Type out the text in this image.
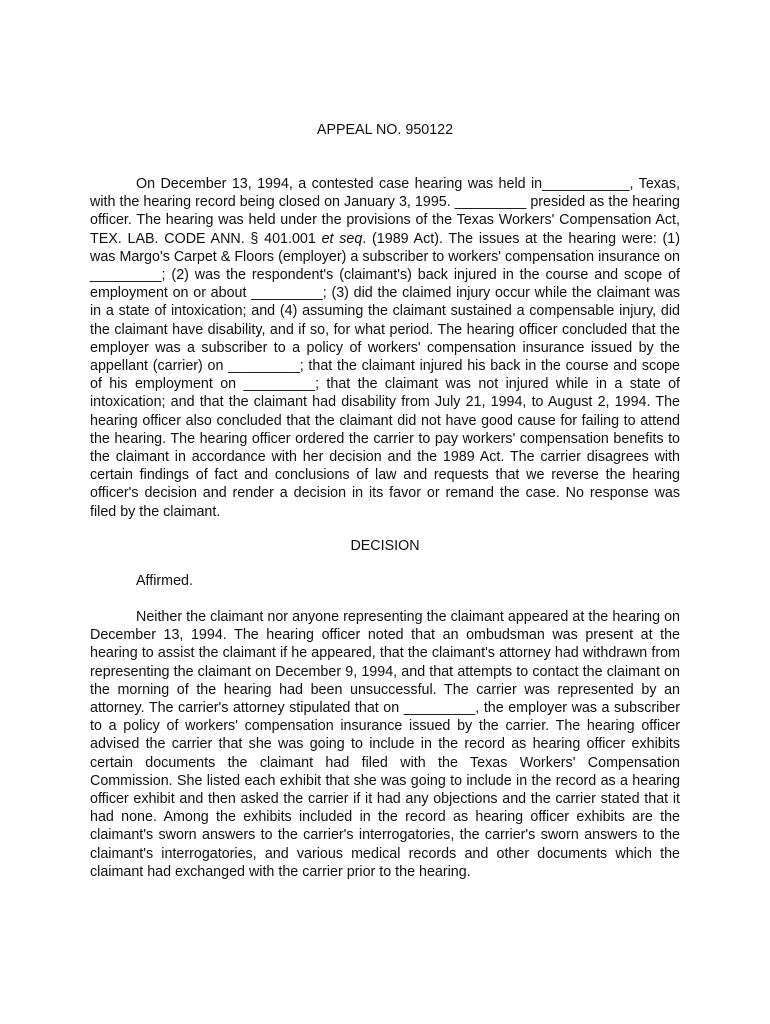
APPEAL NO. 950122

On December 13, 1994, a contested case hearing was held in___________, Texas, with the hearing record being closed on January 3, 1995. _________ presided as the hearing officer. The hearing was held under the provisions of the Texas Workers' Compensation Act, TEX. LAB. CODE ANN. § 401.001 et seq. (1989 Act). The issues at the hearing were: (1) was Margo's Carpet & Floors (employer) a subscriber to workers' compensation insurance on _________; (2) was the respondent's (claimant's) back injured in the course and scope of employment on or about _________; (3) did the claimed injury occur while the claimant was in a state of intoxication; and (4) assuming the claimant sustained a compensable injury, did the claimant have disability, and if so, for what period. The hearing officer concluded that the employer was a subscriber to a policy of workers' compensation insurance issued by the appellant (carrier) on _________; that the claimant injured his back in the course and scope of his employment on _________; that the claimant was not injured while in a state of intoxication; and that the claimant had disability from July 21, 1994, to August 2, 1994. The hearing officer also concluded that the claimant did not have good cause for failing to attend the hearing. The hearing officer ordered the carrier to pay workers' compensation benefits to the claimant in accordance with her decision and the 1989 Act. The carrier disagrees with certain findings of fact and conclusions of law and requests that we reverse the hearing officer's decision and render a decision in its favor or remand the case. No response was filed by the claimant.

DECISION

Affirmed.

Neither the claimant nor anyone representing the claimant appeared at the hearing on December 13, 1994. The hearing officer noted that an ombudsman was present at the hearing to assist the claimant if he appeared, that the claimant's attorney had withdrawn from representing the claimant on December 9, 1994, and that attempts to contact the claimant on the morning of the hearing had been unsuccessful. The carrier was represented by an attorney. The carrier's attorney stipulated that on _________, the employer was a subscriber to a policy of workers' compensation insurance issued by the carrier. The hearing officer advised the carrier that she was going to include in the record as hearing officer exhibits certain documents the claimant had filed with the Texas Workers' Compensation Commission. She listed each exhibit that she was going to include in the record as a hearing officer exhibit and then asked the carrier if it had any objections and the carrier stated that it had none. Among the exhibits included in the record as hearing officer exhibits are the claimant's sworn answers to the carrier's interrogatories, the carrier's sworn answers to the claimant's interrogatories, and various medical records and other documents which the claimant had exchanged with the carrier prior to the hearing.
